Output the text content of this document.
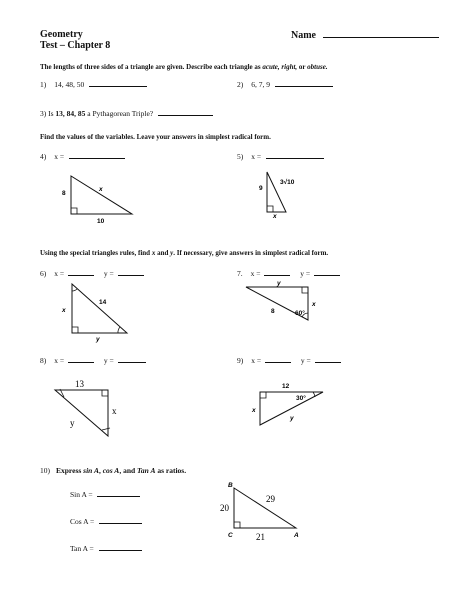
Geometry
Test – Chapter 8
Name
The lengths of three sides of a triangle are given. Describe each triangle as acute, right, or obtuse.
1) 14, 48, 50	2) 6, 7, 9
3) Is 13, 84, 85 a Pythagorean Triple?
Find the values of the variables. Leave your answers in simplest radical form.
4) x =	5) x =
8
10
x	9
3√10
x
Using the special triangles rules, find x and y. If necessary, give answers in simplest radical form.
6) x =	y =	7. x =	y =
x
14
y
y
x
8	60°
8) x =	y =	9) x =	y =
13
x
y
12
30°
x
y
10) Express sin A, cos A, and Tan A as ratios.
Sin A =
Cos A =
Tan A =
B
C	A
20
29
21
